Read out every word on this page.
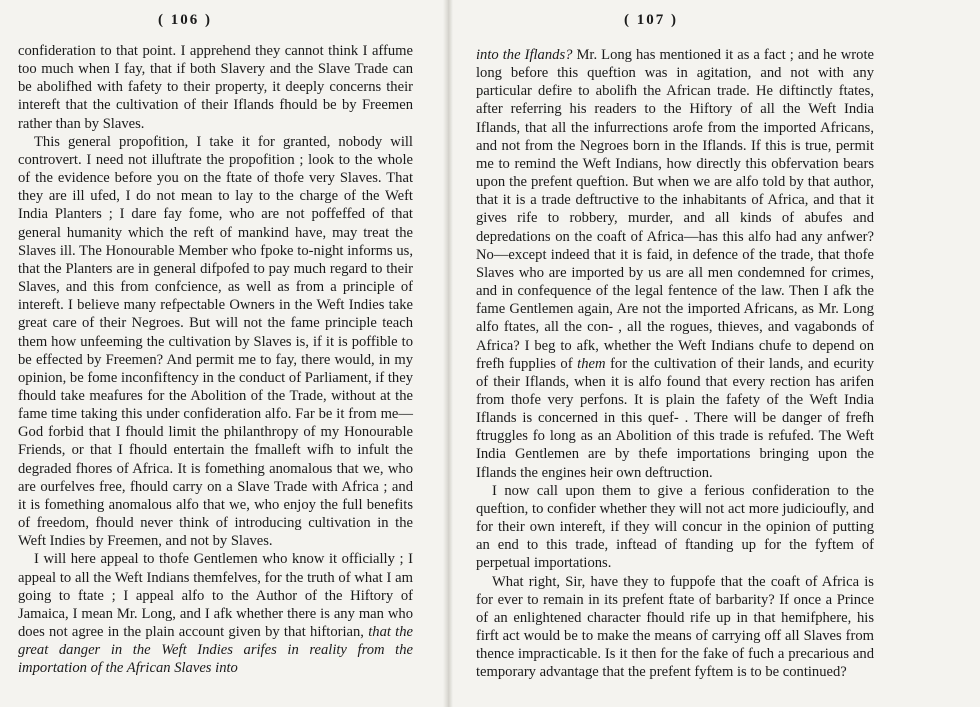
( 106 )

confideration to that point. I apprehend they cannot think I affume too much when I fay, that if both Slavery and the Slave Trade can be abolifhed with fafety to their property, it deeply concerns their intereft that the cultivation of their Iflands fhould be by Freemen rather than by Slaves.

This general propofition, I take it for granted, nobody will controvert. I need not illuftrate the propofition ; look to the whole of the evidence before you on the ftate of thofe very Slaves. That they are ill ufed, I do not mean to lay to the charge of the Weft India Planters ; I dare fay fome, who are not poffeffed of that general humanity which the reft of mankind have, may treat the Slaves ill. The Honourable Member who fpoke to-night informs us, that the Planters are in general difpofed to pay much regard to their Slaves, and this from confcience, as well as from a principle of intereft. I believe many refpectable Owners in the Weft Indies take great care of their Negroes. But will not the fame principle teach them how unfeeming the cultivation by Slaves is, if it is poffible to be effected by Freemen? And permit me to fay, there would, in my opinion, be fome inconfiftency in the conduct of Parliament, if they fhould take meafures for the Abolition of the Trade, without at the fame time taking this under confideration alfo. Far be it from me—God forbid that I fhould limit the philanthropy of my Honourable Friends, or that I fhould entertain the fmalleft wifh to infult the degraded fhores of Africa. It is fomething anomalous that we, who are ourfelves free, fhould carry on a Slave Trade with Africa ; and it is fomething anomalous alfo that we, who enjoy the full benefits of freedom, fhould never think of introducing cultivation in the Weft Indies by Freemen, and not by Slaves.

I will here appeal to thofe Gentlemen who know it officially ; I appeal to all the Weft Indians themfelves, for the truth of what I am going to ftate ; I appeal alfo to the Author of the Hiftory of Jamaica, I mean Mr. Long, and I afk whether there is any man who does not agree in the plain account given by that hiftorian, that the great danger in the Weft Indies arifes in reality from the importation of the African Slaves into

( 107 )

into the Iflands? Mr. Long has mentioned it as a fact ; and he wrote long before this queftion was in agitation, and not with any particular defire to abolifh the African trade. He diftinctly ftates, after referring his readers to the Hiftory of all the Weft India Iflands, that all the infurrections arofe from the imported Africans, and not from the Negroes born in the Iflands. If this is true, permit me to remind the Weft Indians, how directly this obfervation bears upon the prefent queftion. But when we are alfo told by that author, that it is a trade deftructive to the inhabitants of Africa, and that it gives rife to robbery, murder, and all kinds of abufes and depredations on the coaft of Africa—has this alfo had any anfwer? No—except indeed that it is faid, in defence of the trade, that thofe Slaves who are imported by us are all men condemned for crimes, and in confequence of the legal fentence of the law. Then I afk the fame Gentlemen again, Are not the imported Africans, as Mr. Long alfo ftates, all the con- , all the rogues, thieves, and vagabonds of Africa? I beg to afk, whether the Weft Indians chufe to depend on frefh fupplies of them for the cultivation of their lands, and ecurity of their Iflands, when it is alfo found that every rection has arifen from thofe very perfons. It is plain the fafety of the Weft India Iflands is concerned in this quef- . There will be danger of frefh ftruggles fo long as an Abolition of this trade is refufed. The Weft India Gentlemen are by thefe importations bringing upon the Iflands the engines heir own deftruction.

I now call upon them to give a ferious confideration to the queftion, to confider whether they will not act more judicioufly, and for their own intereft, if they will concur in the opinion of putting an end to this trade, inftead of ftanding up for the fyftem of perpetual importations.

What right, Sir, have they to fuppofe that the coaft of Africa is for ever to remain in its prefent ftate of barbarity? If once a Prince of an enlightened character fhould rife up in that hemifphere, his firft act would be to make the means of carrying off all Slaves from thence impracticable. Is it then for the fake of fuch a precarious and temporary advantage that the prefent fyftem is to be continued?
